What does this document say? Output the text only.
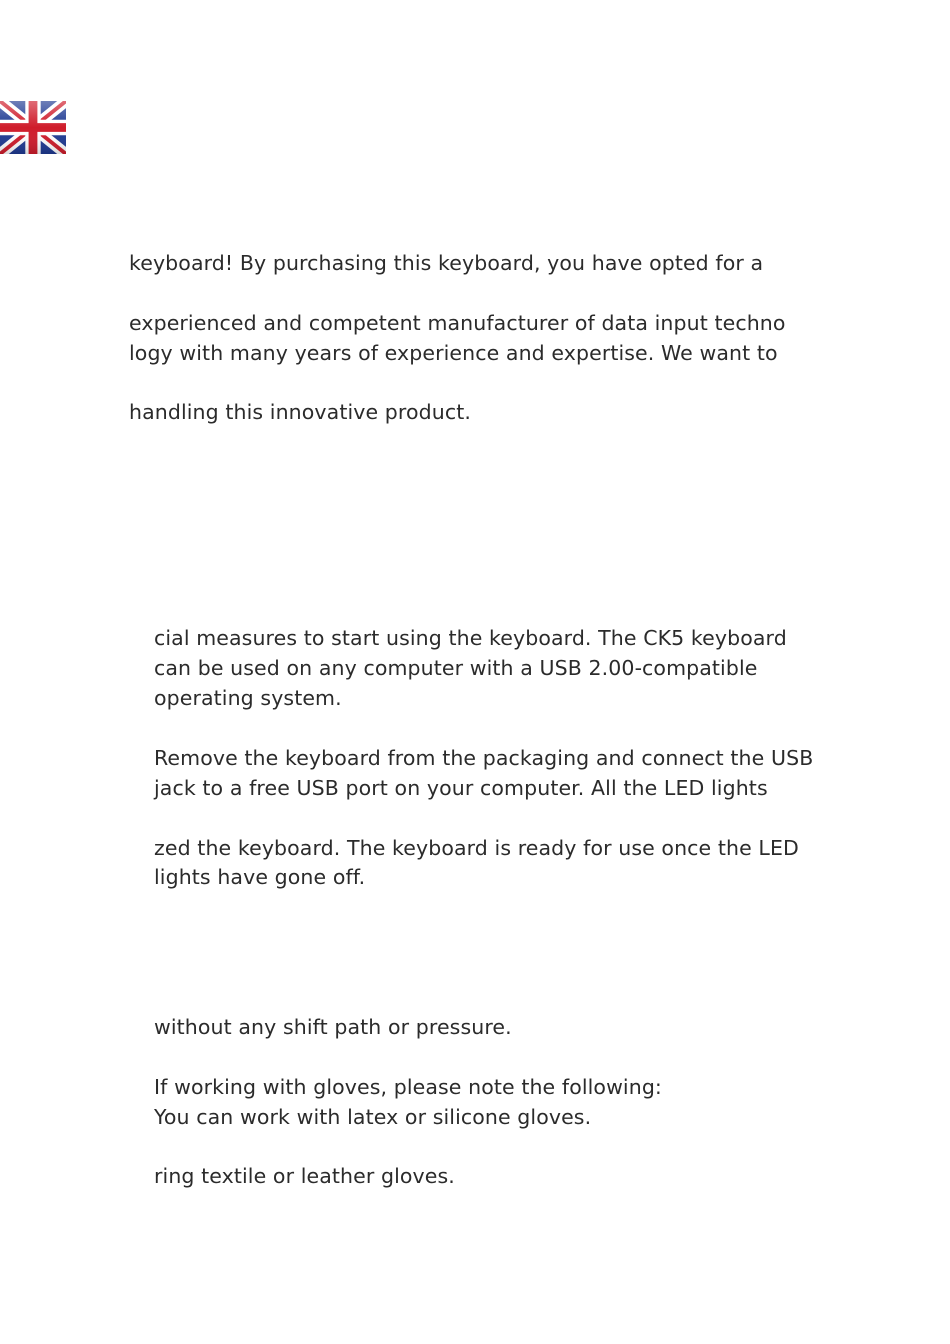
keyboard! By purchasing this keyboard, you have opted for a
experienced and competent manufacturer of data input techno
logy with many years of experience and expertise. We want to
handling this innovative product.
cial measures to start using the keyboard. The CK5 keyboard
can be used on any computer with a USB 2.00-compatible
operating system.
Remove the keyboard from the packaging and connect the USB
jack to a free USB port on your computer. All the LED lights
zed the keyboard. The keyboard is ready for use once the LED
lights have gone off.
without any shift path or pressure.
If working with gloves, please note the following:
You can work with latex or silicone gloves.
ring textile or leather gloves.
